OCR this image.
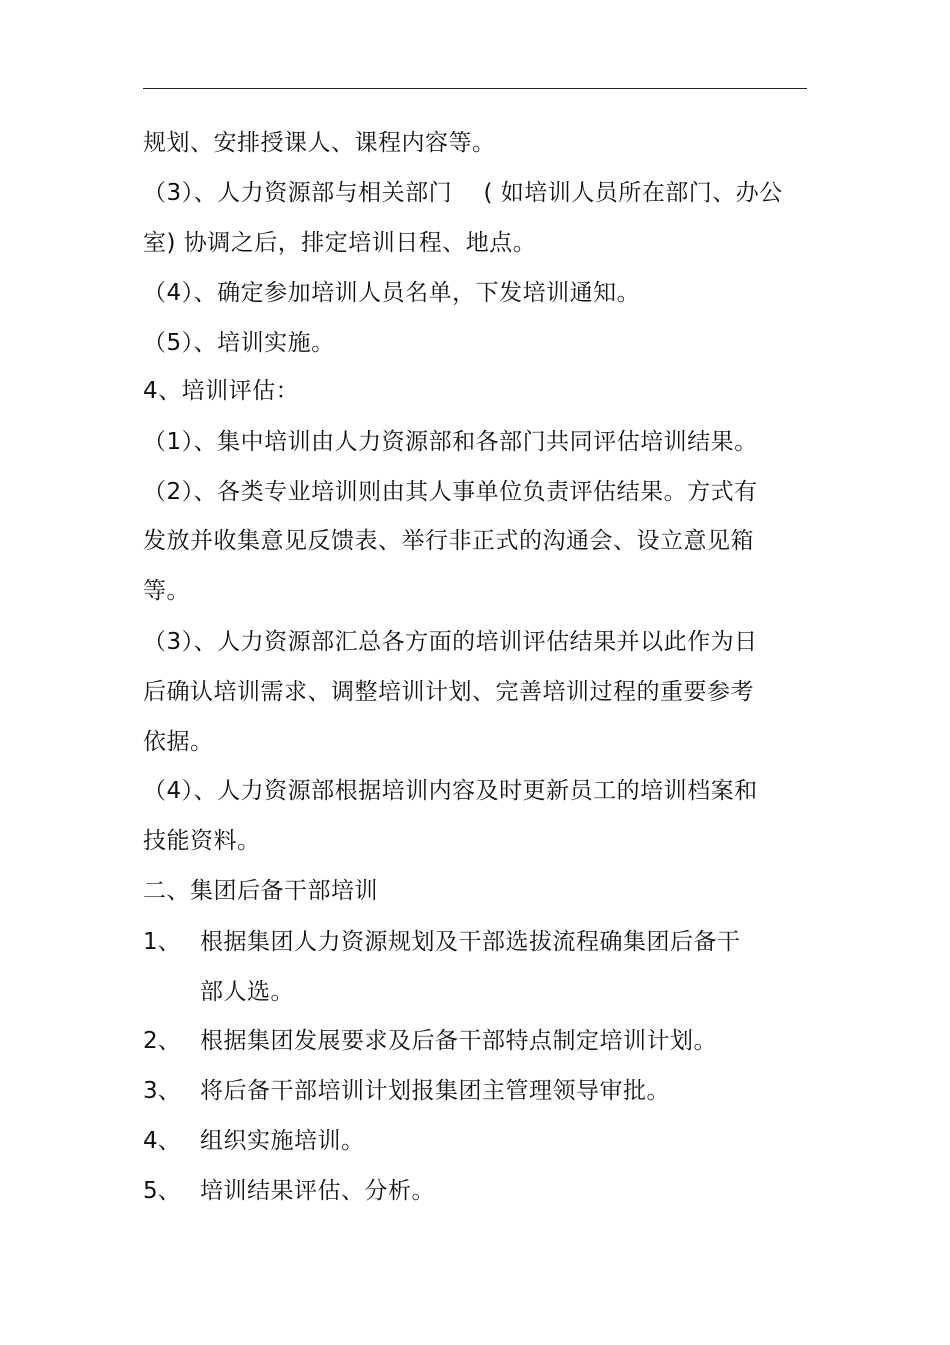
规划、安排授课人、课程内容等。
（3）、人力资源部与相关部门　 ( 如培训人员所在部门、办公
室) 协调之后，排定培训日程、地点。
（4）、确定参加培训人员名单，下发培训通知。
（5）、培训实施。
4、培训评估：
（1）、集中培训由人力资源部和各部门共同评估培训结果。
（2）、各类专业培训则由其人事单位负责评估结果。方式有
发放并收集意见反馈表、举行非正式的沟通会、设立意见箱
等。
（3）、人力资源部汇总各方面的培训评估结果并以此作为日
后确认培训需求、调整培训计划、完善培训过程的重要参考
依据。
（4）、人力资源部根据培训内容及时更新员工的培训档案和
技能资料。
二、集团后备干部培训
1、 根据集团人力资源规划及干部选拔流程确集团后备干
部人选。
2、 根据集团发展要求及后备干部特点制定培训计划。
3、 将后备干部培训计划报集团主管理领导审批。
4、 组织实施培训。
5、 培训结果评估、分析。
